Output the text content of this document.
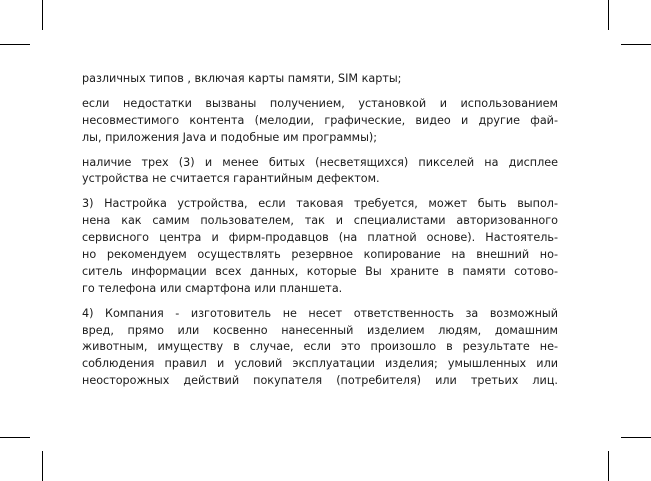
различных типов , включая карты памяти, SIM карты;
если недостатки вызваны получением, установкой и использованием
несовместимого контента (мелодии, графические, видео и другие фай-
лы, приложения Java и подобные им программы);
наличие трех (3) и менее битых (несветящихся) пикселей на дисплее
устройства не считается гарантийным дефектом.
3) Настройка устройства, если таковая требуется, может быть выпол-
нена как самим пользователем, так и специалистами авторизованного
сервисного центра и фирм-продавцов (на платной основе). Настоятель-
но рекомендуем осуществлять резервное копирование на внешний но-
ситель информации всех данных, которые Вы храните в памяти сотово-
го телефона или смартфона или планшета.
4) Компания - изготовитель не несет ответственность за возможный
вред, прямо или косвенно нанесенный изделием людям, домашним
животным, имуществу в случае, если это произошло в результате не-
соблюдения правил и условий эксплуатации изделия; умышленных или
неосторожных действий покупателя (потребителя) или третьих лиц.
